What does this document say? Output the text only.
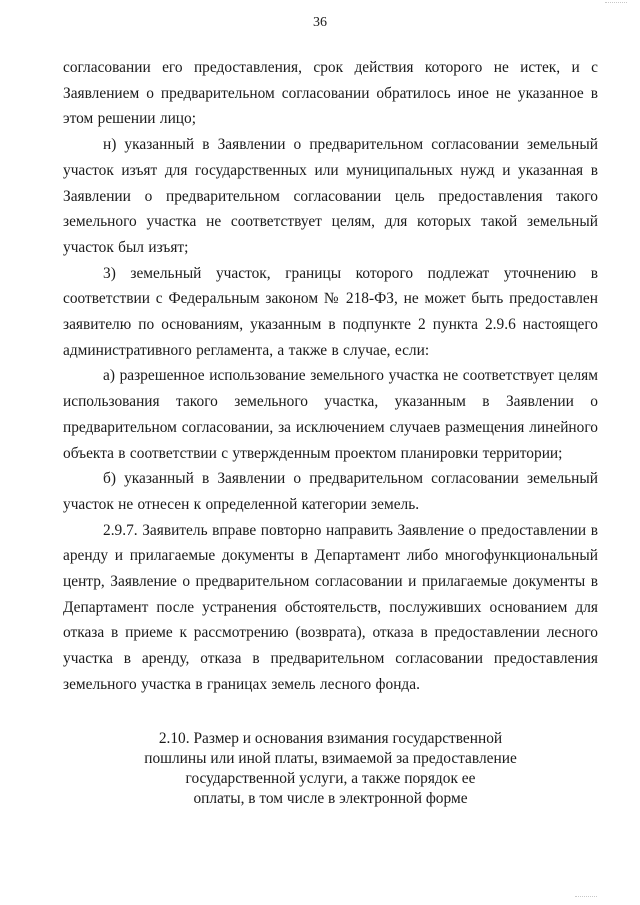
36

согласовании его предоставления, срок действия которого не истек, и с Заявлением о предварительном согласовании обратилось иное не указанное в этом решении лицо;

н) указанный в Заявлении о предварительном согласовании земельный участок изъят для государственных или муниципальных нужд и указанная в Заявлении о предварительном согласовании цель предоставления такого земельного участка не соответствует целям, для которых такой земельный участок был изъят;

3) земельный участок, границы которого подлежат уточнению в соответствии с Федеральным законом № 218-ФЗ, не может быть предоставлен заявителю по основаниям, указанным в подпункте 2 пункта 2.9.6 настоящего административного регламента, а также в случае, если:

а) разрешенное использование земельного участка не соответствует целям использования такого земельного участка, указанным в Заявлении о предварительном согласовании, за исключением случаев размещения линейного объекта в соответствии с утвержденным проектом планировки территории;

б) указанный в Заявлении о предварительном согласовании земельный участок не отнесен к определенной категории земель.

2.9.7. Заявитель вправе повторно направить Заявление о предоставлении в аренду и прилагаемые документы в Департамент либо многофункциональный центр, Заявление о предварительном согласовании и прилагаемые документы в Департамент после устранения обстоятельств, послуживших основанием для отказа в приеме к рассмотрению (возврата), отказа в предоставлении лесного участка в аренду, отказа в предварительном согласовании предоставления земельного участка в границах земель лесного фонда.

2.10. Размер и основания взимания государственной
пошлины или иной платы, взимаемой за предоставление
государственной услуги, а также порядок ее
оплаты, в том числе в электронной форме
